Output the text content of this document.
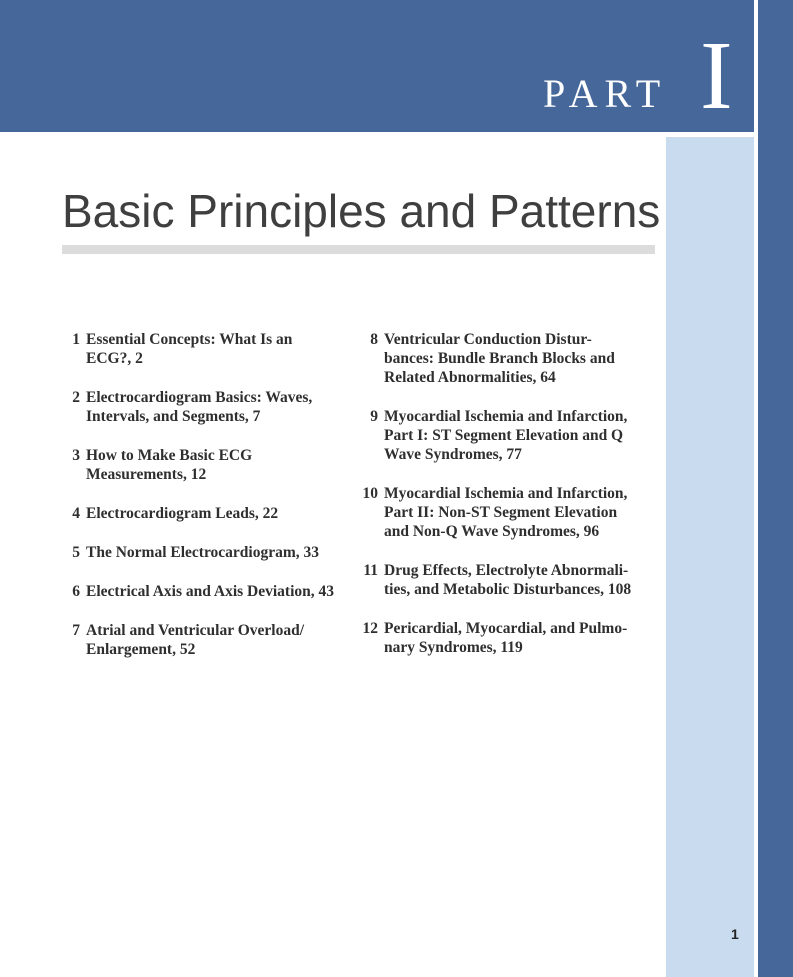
PART I
Basic Principles and Patterns
1 Essential Concepts: What Is an ECG?, 2
2 Electrocardiogram Basics: Waves, Intervals, and Segments, 7
3 How to Make Basic ECG Measurements, 12
4 Electrocardiogram Leads, 22
5 The Normal Electrocardiogram, 33
6 Electrical Axis and Axis Deviation, 43
7 Atrial and Ventricular Overload/ Enlargement, 52
8 Ventricular Conduction Distur- bances: Bundle Branch Blocks and Related Abnormalities, 64
9 Myocardial Ischemia and Infarction, Part I: ST Segment Elevation and Q Wave Syndromes, 77
10 Myocardial Ischemia and Infarction, Part II: Non-ST Segment Elevation and Non-Q Wave Syndromes, 96
11 Drug Effects, Electrolyte Abnormali- ties, and Metabolic Disturbances, 108
12 Pericardial, Myocardial, and Pulmo- nary Syndromes, 119
1
